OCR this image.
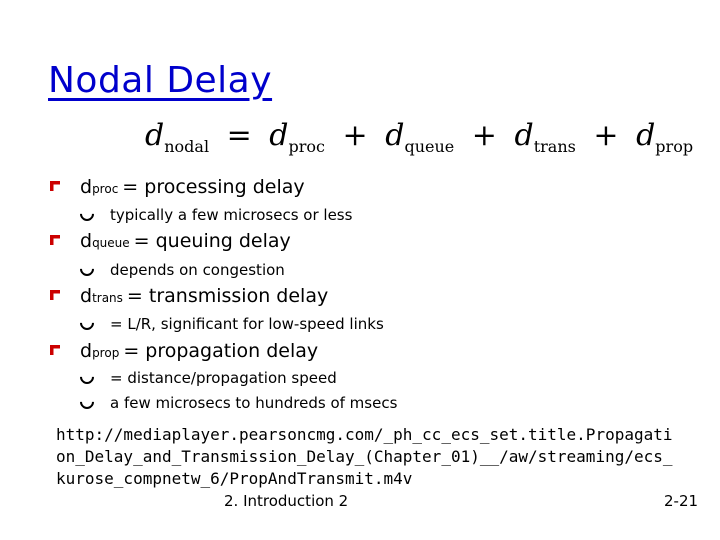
Nodal Delay
$d_{nodal} = d_{proc} + d_{queue} + d_{trans} + d_{prop}$
d proc = processing delay
typically a few microsecs or less
d queue = queuing delay
depends on congestion
d trans = transmission delay
= L/R, significant for low-speed links
d prop = propagation delay
= distance/propagation speed
a few microsecs to hundreds of msecs
http://mediaplayer.pearsoncmg.com/_ph_cc_ecs_set.title.Propagation_Delay_and_Transmission_Delay_(Chapter_01)__/aw/streaming/ecs_kurose_compnetw_6/PropAndTransmit.m4v
2. Introduction 2	2-21
